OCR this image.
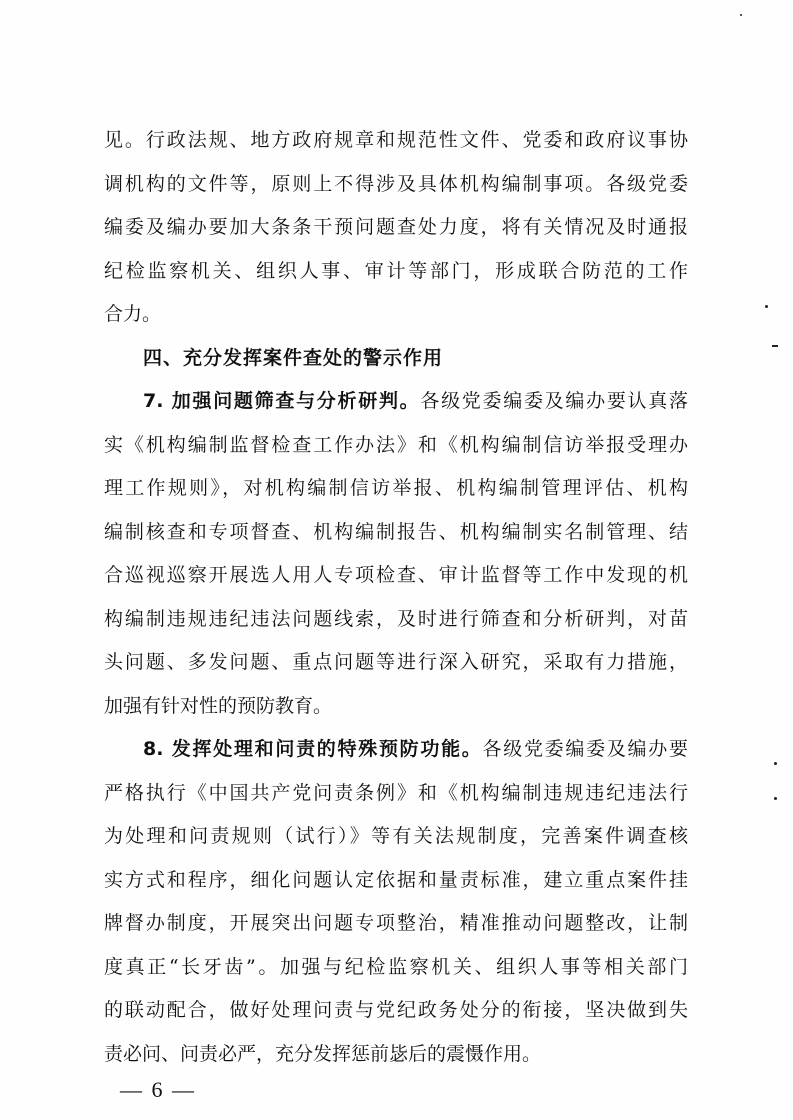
见。行政法规、地方政府规章和规范性文件、党委和政府议事协
调机构的文件等，原则上不得涉及具体机构编制事项。各级党委
编委及编办要加大条条干预问题查处力度，将有关情况及时通报
纪检监察机关、组织人事、审计等部门，形成联合防范的工作
合力。
四、充分发挥案件查处的警示作用
7. 加强问题筛查与分析研判。各级党委编委及编办要认真落
实《机构编制监督检查工作办法》和《机构编制信访举报受理办
理工作规则》，对机构编制信访举报、机构编制管理评估、机构
编制核查和专项督查、机构编制报告、机构编制实名制管理、结
合巡视巡察开展选人用人专项检查、审计监督等工作中发现的机
构编制违规违纪违法问题线索，及时进行筛查和分析研判，对苗
头问题、多发问题、重点问题等进行深入研究，采取有力措施，
加强有针对性的预防教育。
8. 发挥处理和问责的特殊预防功能。各级党委编委及编办要
严格执行《中国共产党问责条例》和《机构编制违规违纪违法行
为处理和问责规则（试行）》等有关法规制度，完善案件调查核
实方式和程序，细化问题认定依据和量责标准，建立重点案件挂
牌督办制度，开展突出问题专项整治，精准推动问题整改，让制
度真正“长牙齿”。加强与纪检监察机关、组织人事等相关部门
的联动配合，做好处理问责与党纪政务处分的衔接，坚决做到失
责必问、问责必严，充分发挥惩前毖后的震慑作用。
— 6 —
